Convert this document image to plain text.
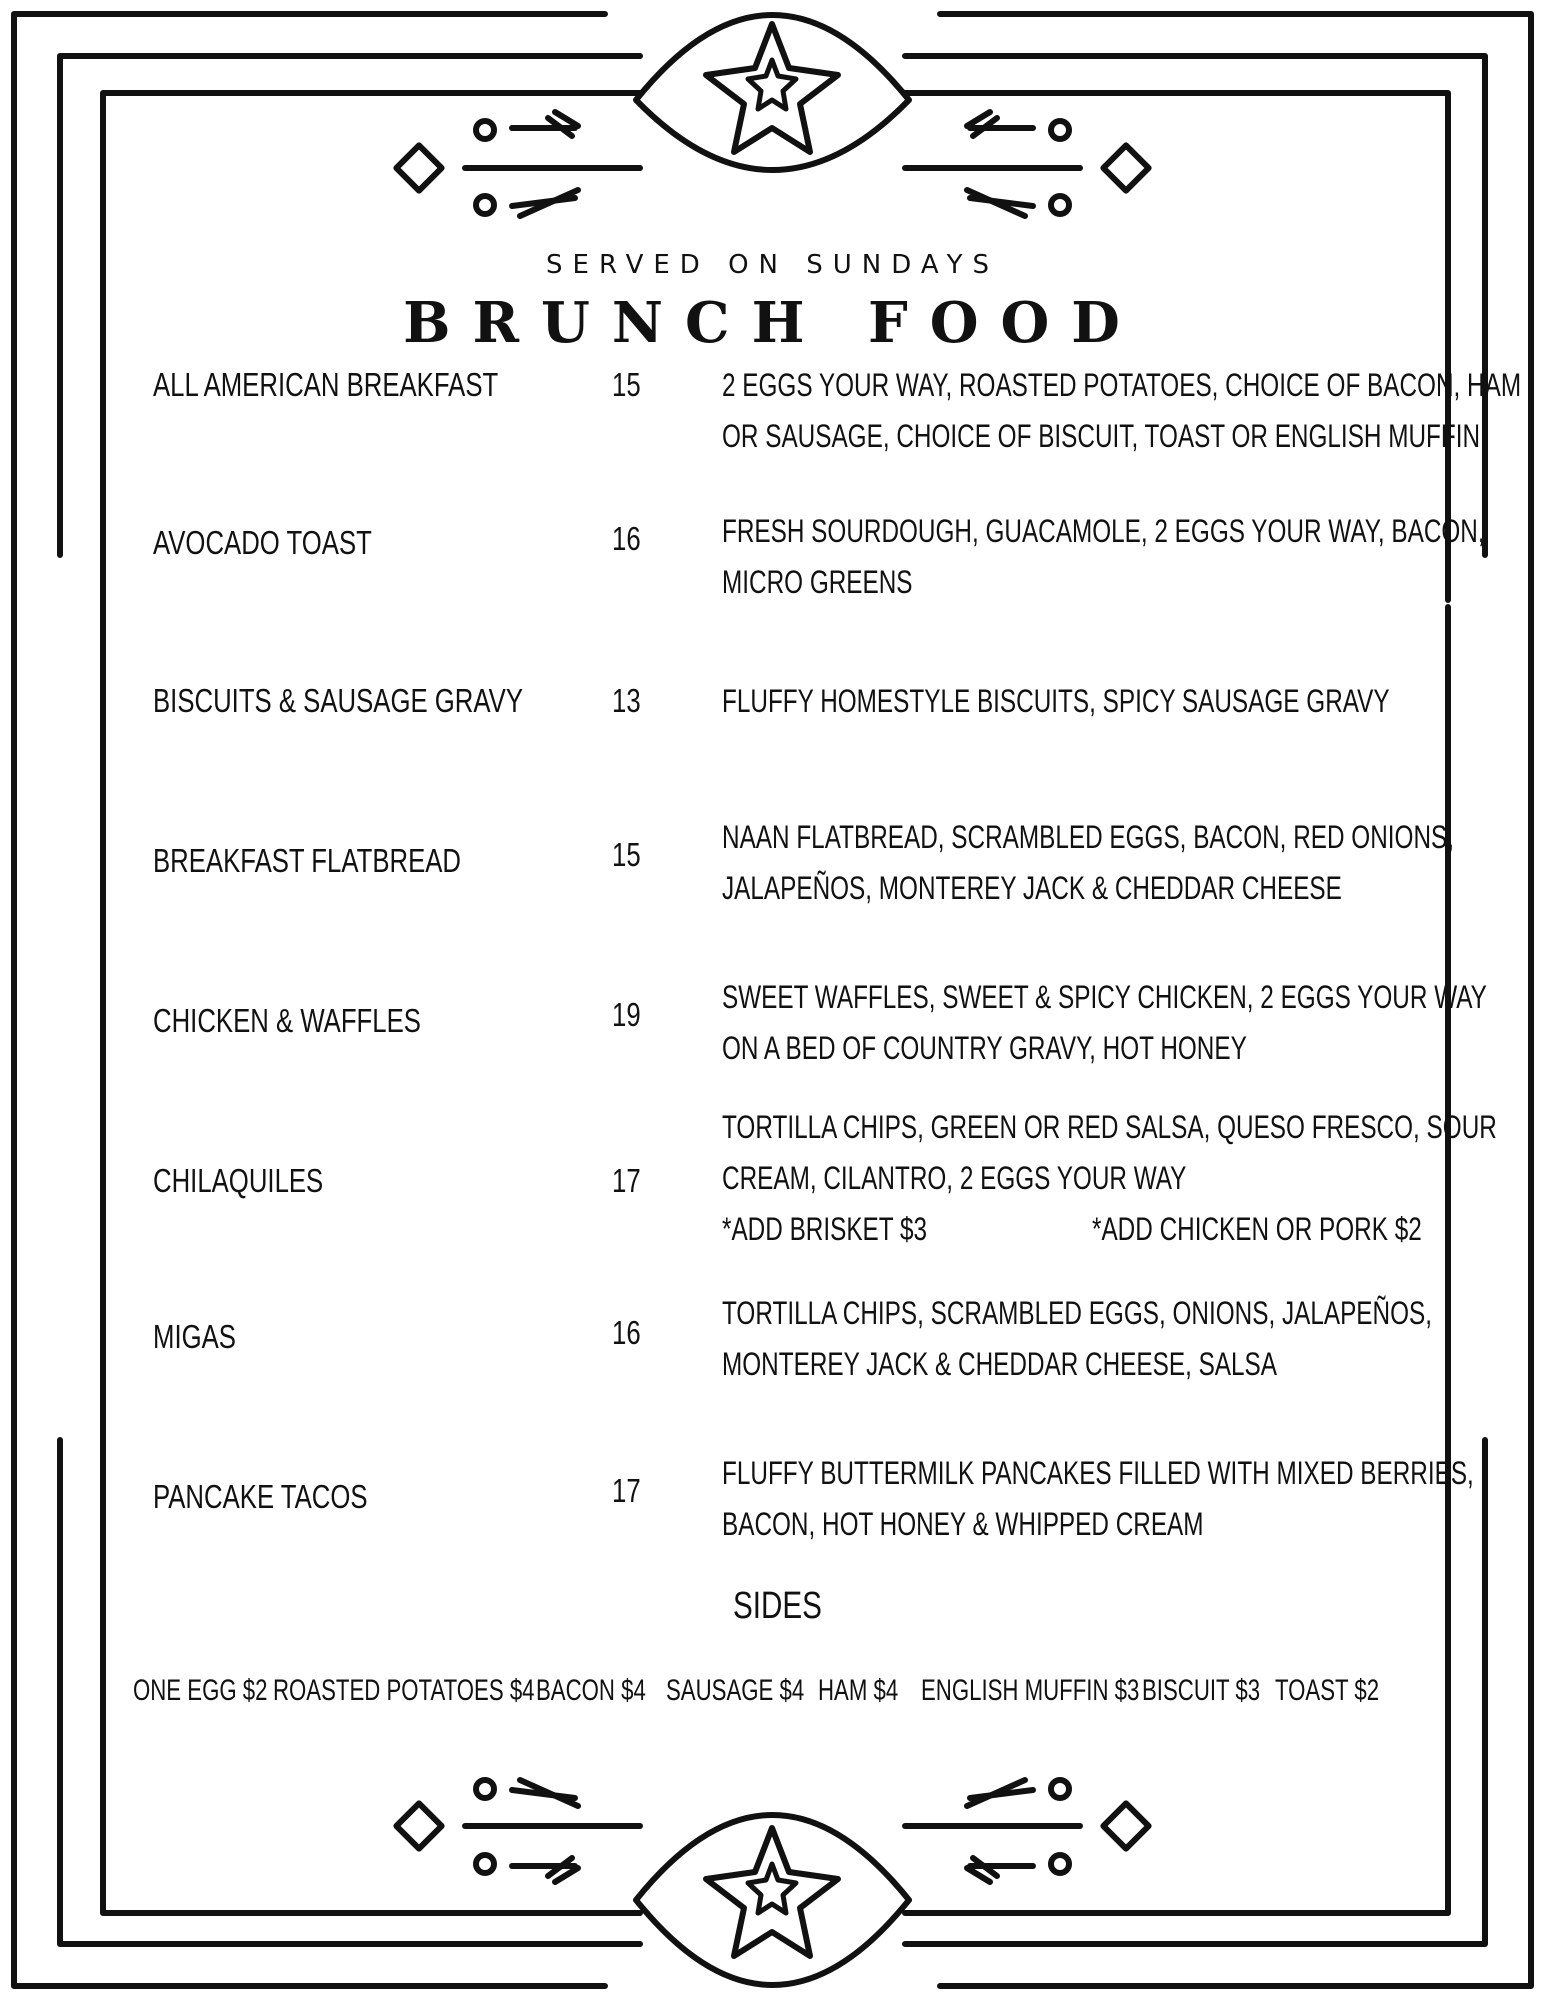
SERVED ON SUNDAYS
BRUNCH FOOD
ALL AMERICAN BREAKFAST	15	2 EGGS YOUR WAY, ROASTED POTATOES, CHOICE OF BACON, HAM
OR SAUSAGE, CHOICE OF BISCUIT, TOAST OR ENGLISH MUFFIN
AVOCADO TOAST	16	FRESH SOURDOUGH, GUACAMOLE, 2 EGGS YOUR WAY, BACON,
MICRO GREENS
BISCUITS & SAUSAGE GRAVY	13	FLUFFY HOMESTYLE BISCUITS, SPICY SAUSAGE GRAVY
BREAKFAST FLATBREAD	15	NAAN FLATBREAD, SCRAMBLED EGGS, BACON, RED ONIONS,
JALAPEÑOS, MONTEREY JACK & CHEDDAR CHEESE
CHICKEN & WAFFLES	19	SWEET WAFFLES, SWEET & SPICY CHICKEN, 2 EGGS YOUR WAY
ON A BED OF COUNTRY GRAVY, HOT HONEY
CHILAQUILES	17
TORTILLA CHIPS, GREEN OR RED SALSA, QUESO FRESCO, SOUR
CREAM, CILANTRO, 2 EGGS YOUR WAY
*ADD BRISKET $3	*ADD CHICKEN OR PORK $2
MIGAS	16
TORTILLA CHIPS, SCRAMBLED EGGS, ONIONS, JALAPEÑOS,
MONTEREY JACK & CHEDDAR CHEESE, SALSA
PANCAKE TACOS	17	FLUFFY BUTTERMILK PANCAKES FILLED WITH MIXED BERRIES,
BACON, HOT HONEY & WHIPPED CREAM
SIDES
ONE EGG $2 ROASTED POTATOES $4 BACON $4 SAUSAGE $4 HAM $4 ENGLISH MUFFIN $3 BISCUIT $3 TOAST $2
